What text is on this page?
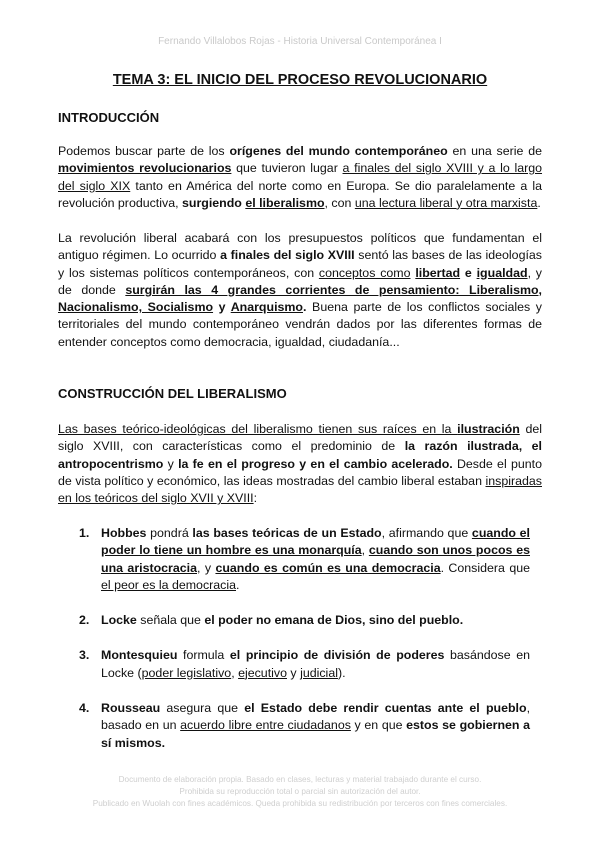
Fernando Villalobos Rojas - Historia Universal Contemporánea I
TEMA 3: EL INICIO DEL PROCESO REVOLUCIONARIO
INTRODUCCIÓN
Podemos buscar parte de los orígenes del mundo contemporáneo en una serie de movimientos revolucionarios que tuvieron lugar a finales del siglo XVIII y a lo largo del siglo XIX tanto en América del norte como en Europa. Se dio paralelamente a la revolución productiva, surgiendo el liberalismo, con una lectura liberal y otra marxista.
La revolución liberal acabará con los presupuestos políticos que fundamentan el antiguo régimen. Lo ocurrido a finales del siglo XVIII sentó las bases de las ideologías y los sistemas políticos contemporáneos, con conceptos como libertad e igualdad, y de donde surgirán las 4 grandes corrientes de pensamiento: Liberalismo, Nacionalismo, Socialismo y Anarquismo. Buena parte de los conflictos sociales y territoriales del mundo contemporáneo vendrán dados por las diferentes formas de entender conceptos como democracia, igualdad, ciudadanía...
CONSTRUCCIÓN DEL LIBERALISMO
Las bases teórico-ideológicas del liberalismo tienen sus raíces en la ilustración del siglo XVIII, con características como el predominio de la razón ilustrada, el antropocentrismo y la fe en el progreso y en el cambio acelerado. Desde el punto de vista político y económico, las ideas mostradas del cambio liberal estaban inspiradas en los teóricos del siglo XVII y XVIII:
1. Hobbes pondrá las bases teóricas de un Estado, afirmando que cuando el poder lo tiene un hombre es una monarquía, cuando son unos pocos es una aristocracia, y cuando es común es una democracia. Considera que el peor es la democracia.
2. Locke señala que el poder no emana de Dios, sino del pueblo.
3. Montesquieu formula el principio de división de poderes basándose en Locke (poder legislativo, ejecutivo y judicial).
4. Rousseau asegura que el Estado debe rendir cuentas ante el pueblo, basado en un acuerdo libre entre ciudadanos y en que estos se gobiernen a sí mismos.
Documento de elaboración propia. Basado en clases, lecturas y material trabajado durante el curso.
Prohibida su reproducción total o parcial sin autorización del autor.
Publicado en Wuolah con fines académicos. Queda prohibida su redistribución por terceros con fines comerciales.
